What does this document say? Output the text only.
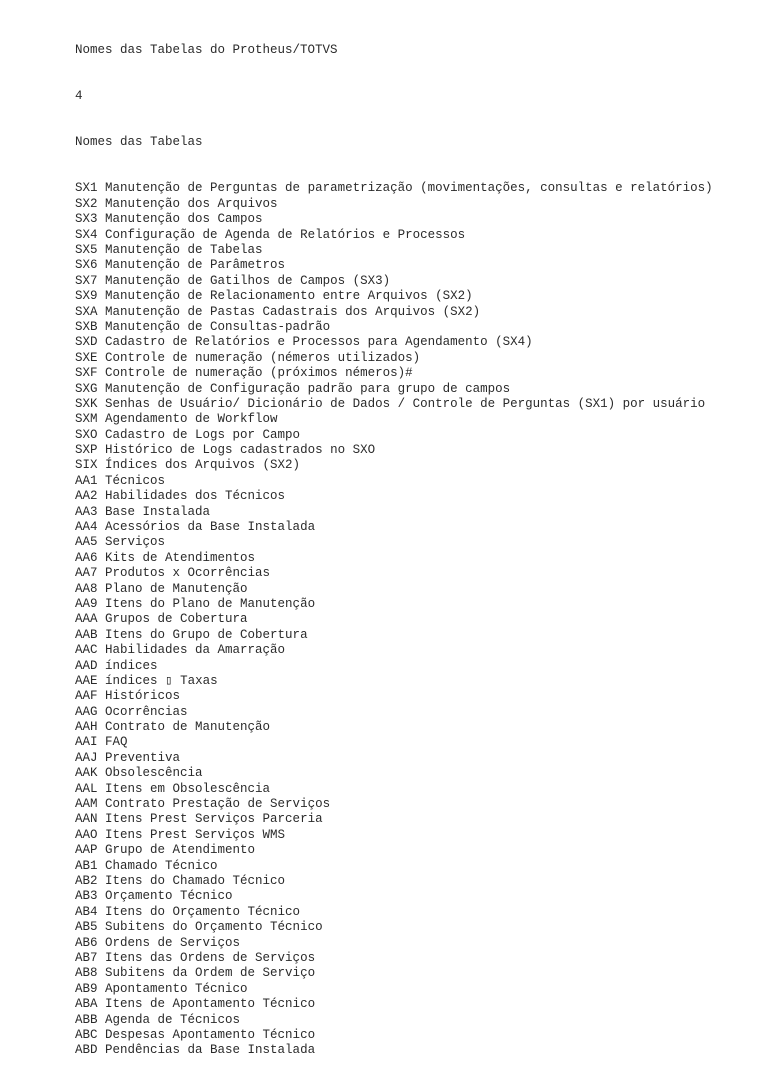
Nomes das Tabelas do Protheus/TOTVS

4

Nomes das Tabelas

SX1 Manutenção de Perguntas de parametrização (movimentações, consultas e relatórios)
SX2 Manutenção dos Arquivos
SX3 Manutenção dos Campos
SX4 Configuração de Agenda de Relatórios e Processos
SX5 Manutenção de Tabelas
SX6 Manutenção de Parâmetros
SX7 Manutenção de Gatilhos de Campos (SX3)
SX9 Manutenção de Relacionamento entre Arquivos (SX2)
SXA Manutenção de Pastas Cadastrais dos Arquivos (SX2)
SXB Manutenção de Consultas-padrão
SXD Cadastro de Relatórios e Processos para Agendamento (SX4)
SXE Controle de numeração (némeros utilizados)
SXF Controle de numeração (próximos némeros)#
SXG Manutenção de Configuração padrão para grupo de campos
SXK Senhas de Usuário/ Dicionário de Dados / Controle de Perguntas (SX1) por usuário
SXM Agendamento de Workflow
SXO Cadastro de Logs por Campo
SXP Histórico de Logs cadastrados no SXO
SIX Índices dos Arquivos (SX2)
AA1 Técnicos
AA2 Habilidades dos Técnicos
AA3 Base Instalada
AA4 Acessórios da Base Instalada
AA5 Serviços
AA6 Kits de Atendimentos
AA7 Produtos x Ocorrências
AA8 Plano de Manutenção
AA9 Itens do Plano de Manutenção
AAA Grupos de Cobertura
AAB Itens do Grupo de Cobertura
AAC Habilidades da Amarração
AAD índices
AAE índices ▯ Taxas
AAF Históricos
AAG Ocorrências
AAH Contrato de Manutenção
AAI FAQ
AAJ Preventiva
AAK Obsolescência
AAL Itens em Obsolescência
AAM Contrato Prestação de Serviços
AAN Itens Prest Serviços Parceria
AAO Itens Prest Serviços WMS
AAP Grupo de Atendimento
AB1 Chamado Técnico
AB2 Itens do Chamado Técnico
AB3 Orçamento Técnico
AB4 Itens do Orçamento Técnico
AB5 Subitens do Orçamento Técnico
AB6 Ordens de Serviços
AB7 Itens das Ordens de Serviços
AB8 Subitens da Ordem de Serviço
AB9 Apontamento Técnico
ABA Itens de Apontamento Técnico
ABB Agenda de Técnicos
ABC Despesas Apontamento Técnico
ABD Pendências da Base Instalada
